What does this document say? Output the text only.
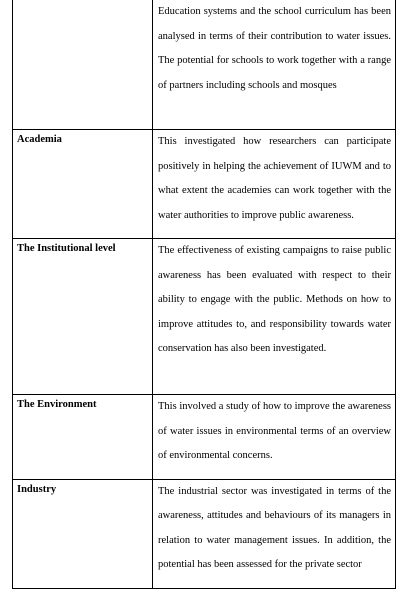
	Education systems and the school curriculum has been analysed in terms of their contribution to water issues. The potential for schools to work together with a range of partners including schools and mosques

Academia	This investigated how researchers can participate positively in helping the achievement of IUWM and to what extent the academies can work together with the water authorities to improve public awareness.

The Institutional level	The effectiveness of existing campaigns to raise public awareness has been evaluated with respect to their ability to engage with the public. Methods on how to improve attitudes to, and responsibility towards water conservation has also been investigated.

The Environment	This involved a study of how to improve the awareness of water issues in environmental terms of an overview of environmental concerns.

Industry	The industrial sector was investigated in terms of the awareness, attitudes and behaviours of its managers in relation to water management issues. In addition, the potential has been assessed for the private sector
